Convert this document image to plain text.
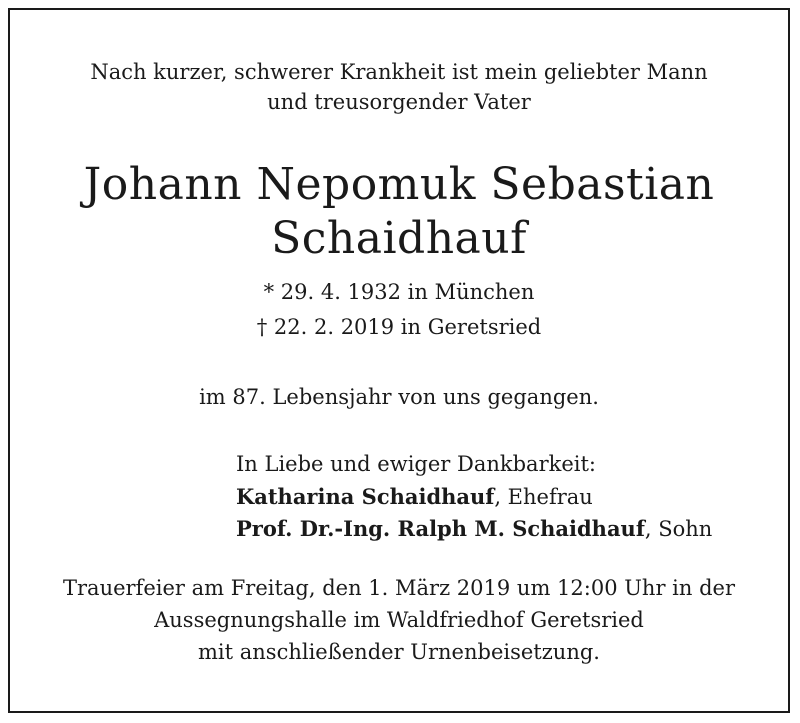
Nach kurzer, schwerer Krankheit ist mein geliebter Mann
und treusorgender Vater
Johann Nepomuk Sebastian
Schaidhauf
* 29. 4. 1932 in München
† 22. 2. 2019 in Geretsried
im 87. Lebensjahr von uns gegangen.
In Liebe und ewiger Dankbarkeit:
Katharina Schaidhauf, Ehefrau
Prof. Dr.-Ing. Ralph M. Schaidhauf, Sohn
Trauerfeier am Freitag, den 1. März 2019 um 12:00 Uhr in der
Aussegnungshalle im Waldfriedhof Geretsried
mit anschließender Urnenbeisetzung.
